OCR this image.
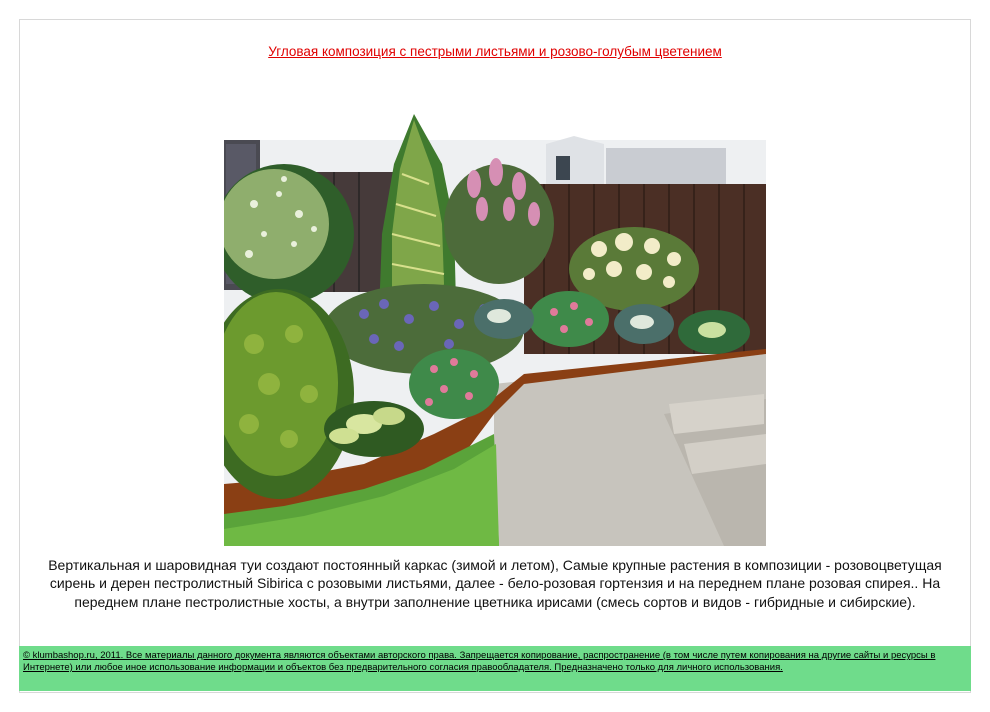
Угловая композиция с пестрыми листьями и розово-голубым цветением
Вертикальная и шаровидная туи создают постоянный каркас (зимой и летом), Самые крупные растения в композиции - розовоцветущая сирень и дерен пестролистный Sibirica с розовыми листьями, далее - бело-розовая гортензия и на переднем плане розовая спирея.. На переднем плане пестролистные хосты, а внутри заполнение цветника ирисами (смесь сортов и видов - гибридные и сибирские).
© klumbashop.ru, 2011. Все материалы данного документа являются объектами авторского права. Запрещается копирование, распространение (в том числе путем копирования на другие сайты и ресурсы в Интернете) или любое иное использование информации и объектов без предварительного согласия правообладателя. Предназначено только для личного использования.
